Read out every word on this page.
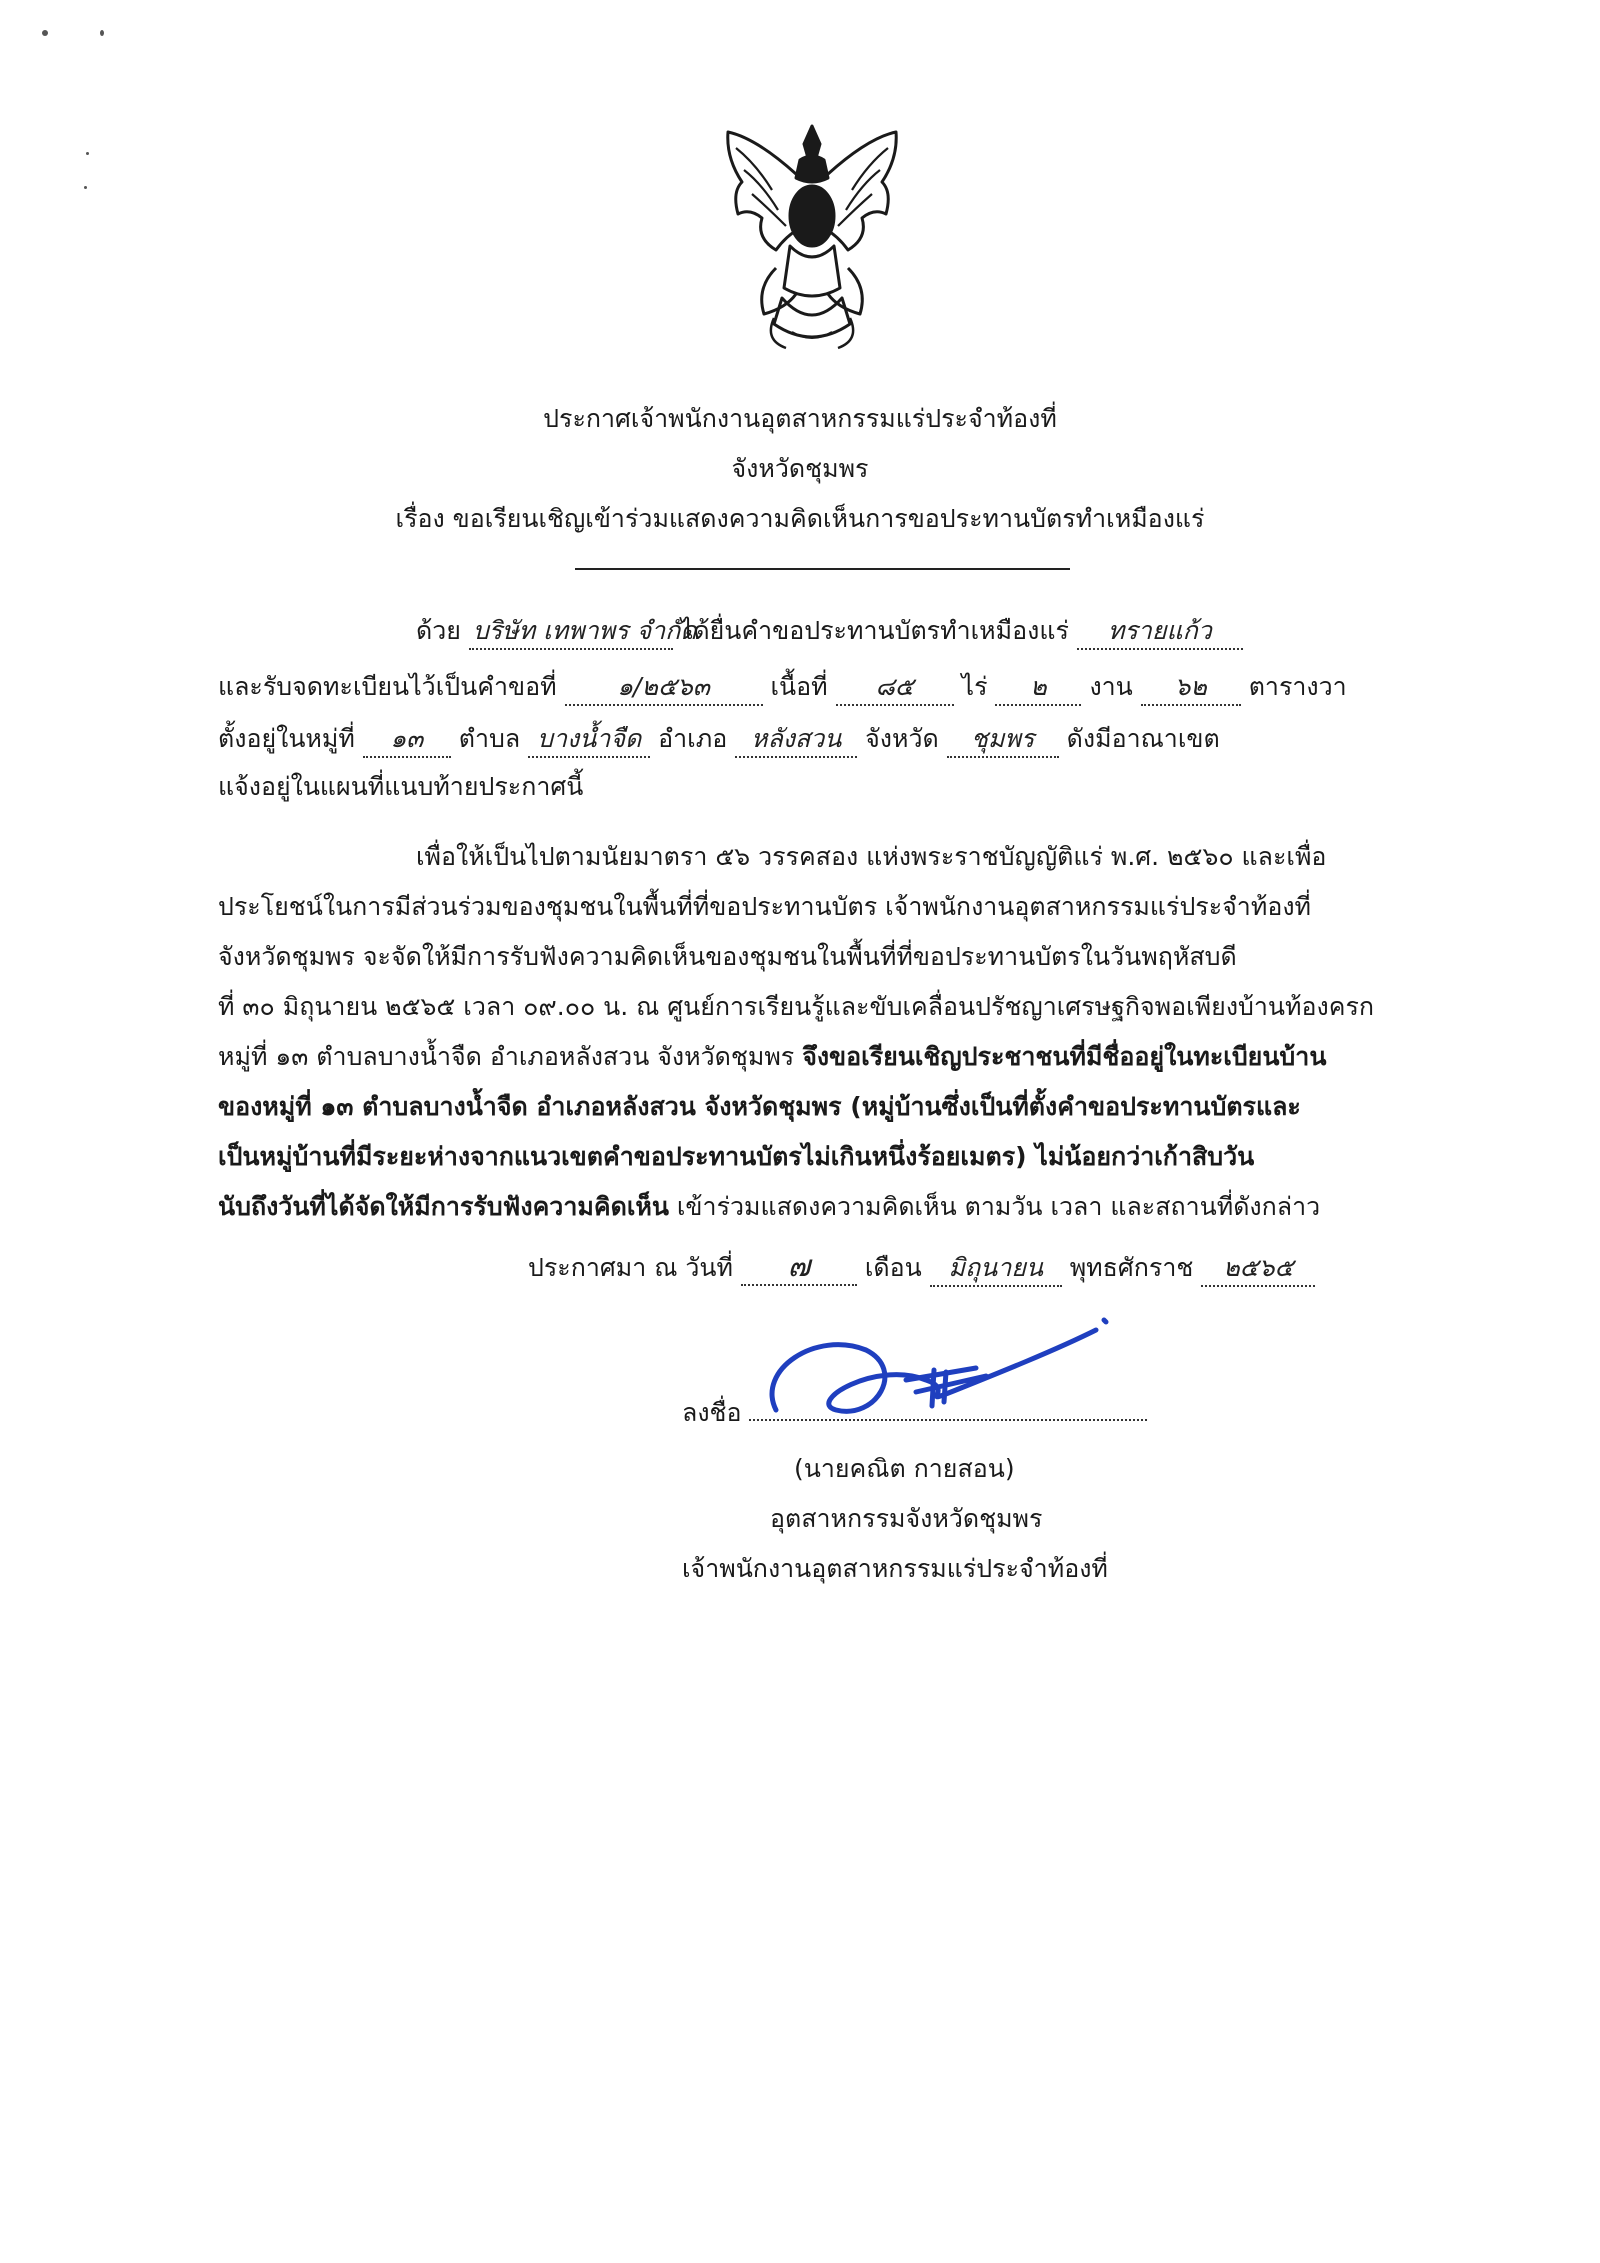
ประกาศเจ้าพนักงานอุตสาหกรรมแร่ประจำท้องที่
จังหวัดชุมพร
เรื่อง ขอเรียนเชิญเข้าร่วมแสดงความคิดเห็นการขอประทานบัตรทำเหมืองแร่
ด้วย บริษัท เทพาพร จำกัด ได้ยื่นคำขอประทานบัตรทำเหมืองแร่ ทรายแก้ว
และรับจดทะเบียนไว้เป็นคำขอที่ ๑/๒๕๖๓ เนื้อที่ ๘๕ ไร่ ๒ งาน ๖๒ ตารางวา
ตั้งอยู่ในหมู่ที่ ๑๓ ตำบล บางน้ำจืด อำเภอ หลังสวน จังหวัด ชุมพร ดังมีอาณาเขต
แจ้งอยู่ในแผนที่แนบท้ายประกาศนี้
เพื่อให้เป็นไปตามนัยมาตรา ๕๖ วรรคสอง แห่งพระราชบัญญัติแร่ พ.ศ. ๒๕๖๐ และเพื่อ
ประโยชน์ในการมีส่วนร่วมของชุมชนในพื้นที่ที่ขอประทานบัตร เจ้าพนักงานอุตสาหกรรมแร่ประจำท้องที่
จังหวัดชุมพร จะจัดให้มีการรับฟังความคิดเห็นของชุมชนในพื้นที่ที่ขอประทานบัตรในวันพฤหัสบดี
ที่ ๓๐ มิถุนายน ๒๕๖๕ เวลา ๐๙.๐๐ น. ณ ศูนย์การเรียนรู้และขับเคลื่อนปรัชญาเศรษฐกิจพอเพียงบ้านท้องครก
หมู่ที่ ๑๓ ตำบลบางน้ำจืด อำเภอหลังสวน จังหวัดชุมพร จึงขอเรียนเชิญประชาชนที่มีชื่ออยู่ในทะเบียนบ้าน
ของหมู่ที่ ๑๓ ตำบลบางน้ำจืด อำเภอหลังสวน จังหวัดชุมพร (หมู่บ้านซึ่งเป็นที่ตั้งคำขอประทานบัตรและ
เป็นหมู่บ้านที่มีระยะห่างจากแนวเขตคำขอประทานบัตรไม่เกินหนึ่งร้อยเมตร) ไม่น้อยกว่าเก้าสิบวัน
นับถึงวันที่ได้จัดให้มีการรับฟังความคิดเห็น เข้าร่วมแสดงความคิดเห็น ตามวัน เวลา และสถานที่ดังกล่าว
ประกาศมา ณ วันที่ ๗ เดือน มิถุนายน พุทธศักราช ๒๕๖๕
ลงชื่อ
(นายคณิต กายสอน)
อุตสาหกรรมจังหวัดชุมพร
เจ้าพนักงานอุตสาหกรรมแร่ประจำท้องที่
